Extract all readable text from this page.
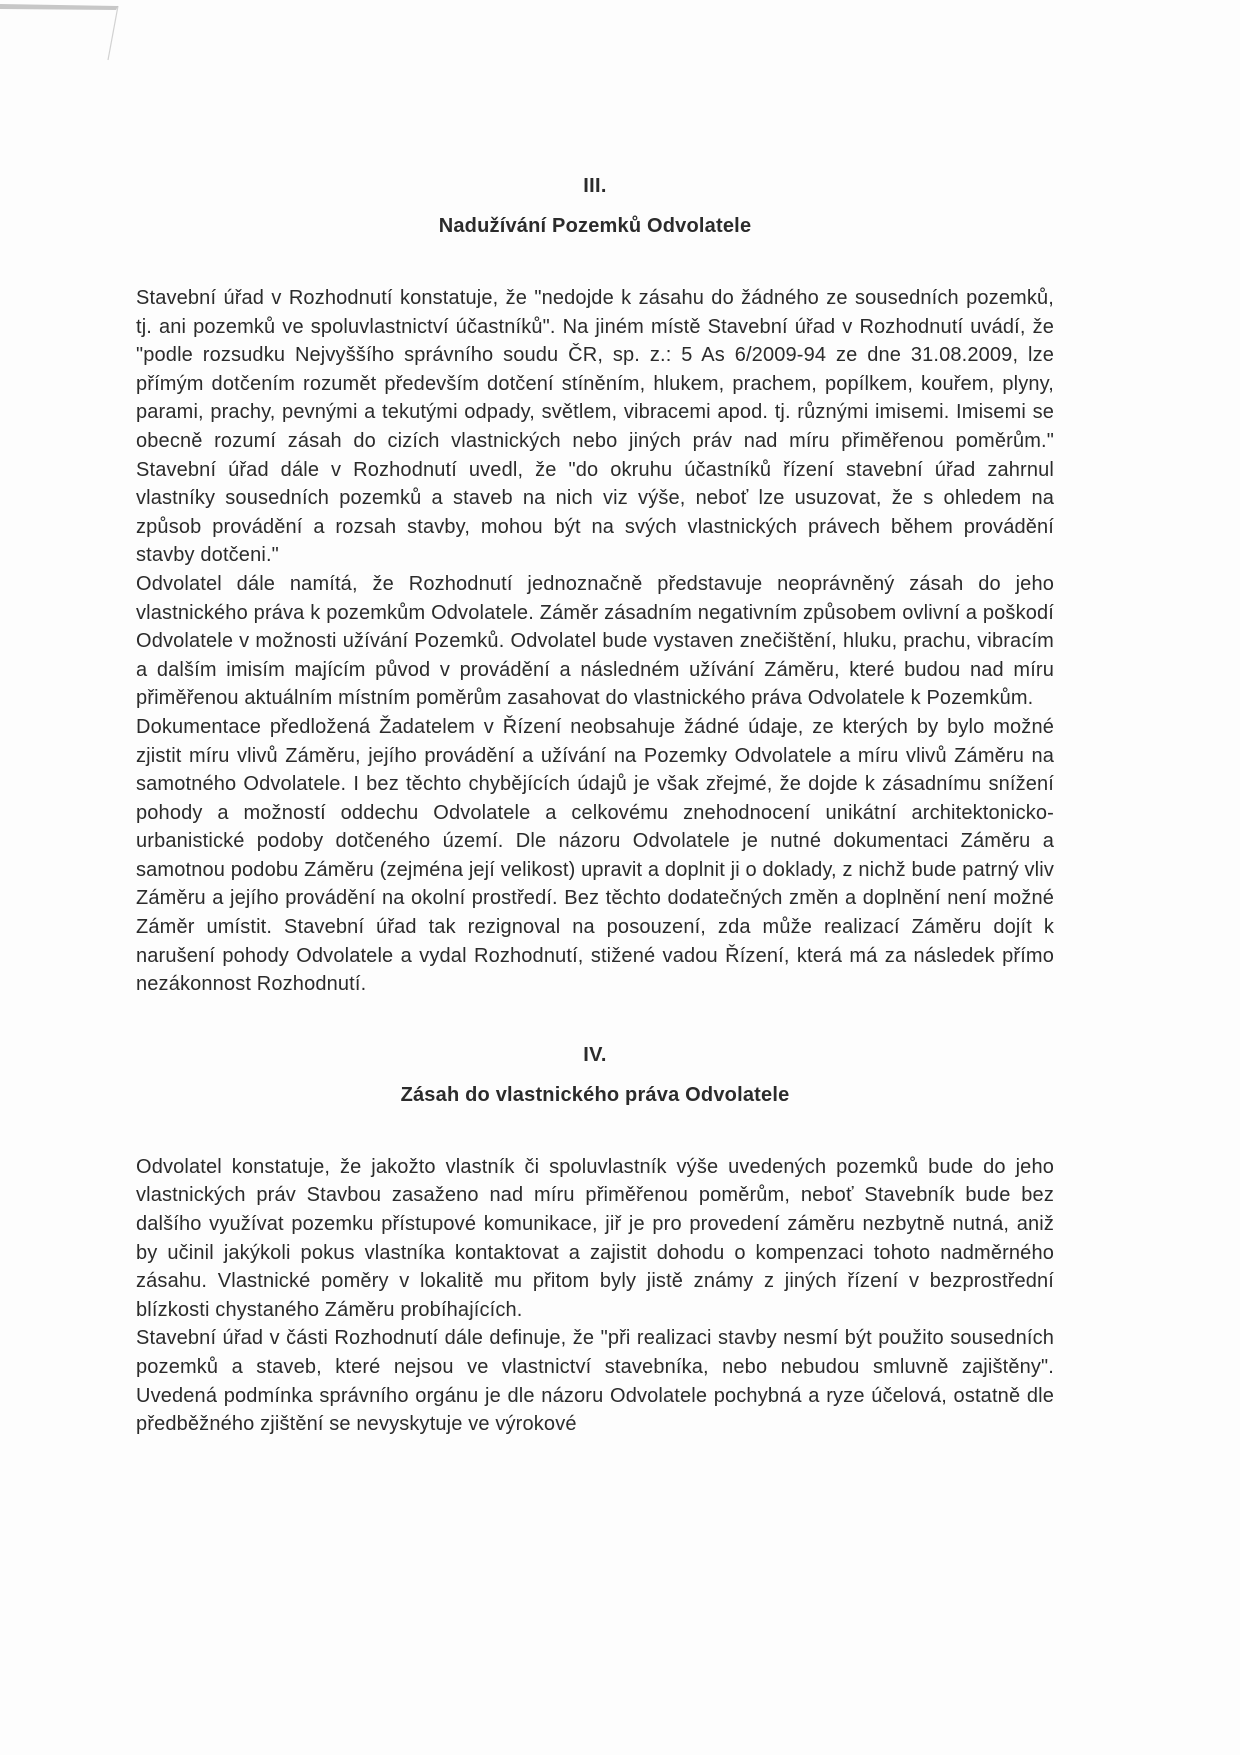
III.
Nadužívání Pozemků Odvolatele

Stavební úřad v Rozhodnutí konstatuje, že "nedojde k zásahu do žádného ze sousedních pozemků, tj. ani pozemků ve spoluvlastnictví účastníků". Na jiném místě Stavební úřad v Rozhodnutí uvádí, že "podle rozsudku Nejvyššího správního soudu ČR, sp. z.: 5 As 6/2009-94 ze dne 31.08.2009, lze přímým dotčením rozumět především dotčení stíněním, hlukem, prachem, popílkem, kouřem, plyny, parami, prachy, pevnými a tekutými odpady, světlem, vibracemi apod. tj. různými imisemi. Imisemi se obecně rozumí zásah do cizích vlastnických nebo jiných práv nad míru přiměřenou poměrům." Stavební úřad dále v Rozhodnutí uvedl, že "do okruhu účastníků řízení stavební úřad zahrnul vlastníky sousedních pozemků a staveb na nich viz výše, neboť lze usuzovat, že s ohledem na způsob provádění a rozsah stavby, mohou být na svých vlastnických právech během provádění stavby dotčeni."

Odvolatel dále namítá, že Rozhodnutí jednoznačně představuje neoprávněný zásah do jeho vlastnického práva k pozemkům Odvolatele. Záměr zásadním negativním způsobem ovlivní a poškodí Odvolatele v možnosti užívání Pozemků. Odvolatel bude vystaven znečištění, hluku, prachu, vibracím a dalším imisím majícím původ v provádění a následném užívání Záměru, které budou nad míru přiměřenou aktuálním místním poměrům zasahovat do vlastnického práva Odvolatele k Pozemkům.

Dokumentace předložená Žadatelem v Řízení neobsahuje žádné údaje, ze kterých by bylo možné zjistit míru vlivů Záměru, jejího provádění a užívání na Pozemky Odvolatele a míru vlivů Záměru na samotného Odvolatele. I bez těchto chybějících údajů je však zřejmé, že dojde k zásadnímu snížení pohody a možností oddechu Odvolatele a celkovému znehodnocení unikátní architektonicko-urbanistické podoby dotčeného území. Dle názoru Odvolatele je nutné dokumentaci Záměru a samotnou podobu Záměru (zejména její velikost) upravit a doplnit ji o doklady, z nichž bude patrný vliv Záměru a jejího provádění na okolní prostředí. Bez těchto dodatečných změn a doplnění není možné Záměr umístit. Stavební úřad tak rezignoval na posouzení, zda může realizací Záměru dojít k narušení pohody Odvolatele a vydal Rozhodnutí, stižené vadou Řízení, která má za následek přímo nezákonnost Rozhodnutí.

IV.
Zásah do vlastnického práva Odvolatele

Odvolatel konstatuje, že jakožto vlastník či spoluvlastník výše uvedených pozemků bude do jeho vlastnických práv Stavbou zasaženo nad míru přiměřenou poměrům, neboť Stavebník bude bez dalšího využívat pozemku přístupové komunikace, jiř je pro provedení záměru nezbytně nutná, aniž by učinil jakýkoli pokus vlastníka kontaktovat a zajistit dohodu o kompenzaci tohoto nadměrného zásahu. Vlastnické poměry v lokalitě mu přitom byly jistě známy z jiných řízení v bezprostřední blízkosti chystaného Záměru probíhajících.

Stavební úřad v části Rozhodnutí dále definuje, že "při realizaci stavby nesmí být použito sousedních pozemků a staveb, které nejsou ve vlastnictví stavebníka, nebo nebudou smluvně zajištěny". Uvedená podmínka správního orgánu je dle názoru Odvolatele pochybná a ryze účelová, ostatně dle předběžného zjištění se nevyskytuje ve výrokové
